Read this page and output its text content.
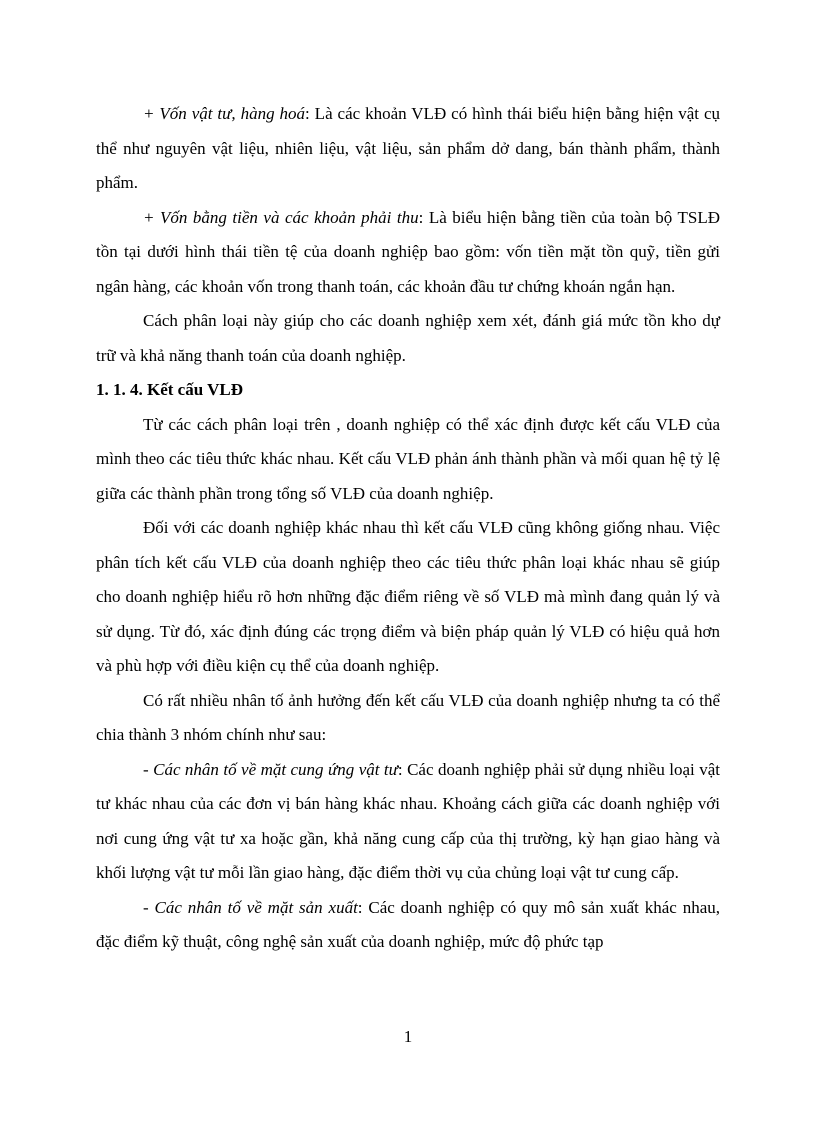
+ Vốn vật tư, hàng hoá: Là các khoản VLĐ có hình thái biểu hiện bằng hiện vật cụ thể như nguyên vật liệu, nhiên liệu, vật liệu, sản phẩm dở dang, bán thành phẩm, thành phẩm.

+ Vốn bằng tiền và các khoản phải thu: Là biểu hiện bằng tiền của toàn bộ TSLĐ tồn tại dưới hình thái tiền tệ của doanh nghiệp bao gồm: vốn tiền mặt tồn quỹ, tiền gửi ngân hàng, các khoản vốn trong thanh toán, các khoản đầu tư chứng khoán ngắn hạn.

Cách phân loại này giúp cho các doanh nghiệp xem xét, đánh giá mức tồn kho dự trữ và khả năng thanh toán của doanh nghiệp.

1. 1. 4. Kết cấu VLĐ

Từ các cách phân loại trên , doanh nghiệp có thể xác định được kết cấu VLĐ của mình theo các tiêu thức khác nhau. Kết cấu VLĐ phản ánh thành phần và mối quan hệ tỷ lệ giữa các thành phần trong tổng số VLĐ của doanh nghiệp.

Đối với các doanh nghiệp khác nhau thì kết cấu VLĐ cũng không giống nhau. Việc phân tích kết cấu VLĐ của doanh nghiệp theo các tiêu thức phân loại khác nhau sẽ giúp cho doanh nghiệp hiểu rõ hơn những đặc điểm riêng về số VLĐ mà mình đang quản lý và sử dụng. Từ đó, xác định đúng các trọng điểm và biện pháp quản lý VLĐ có hiệu quả hơn và phù hợp với điều kiện cụ thể của doanh nghiệp.

Có rất nhiều nhân tố ảnh hưởng đến kết cấu VLĐ của doanh nghiệp nhưng ta có thể chia thành 3 nhóm chính như sau:

- Các nhân tố về mặt cung ứng vật tư: Các doanh nghiệp phải sử dụng nhiều loại vật tư khác nhau của các đơn vị bán hàng khác nhau. Khoảng cách giữa các doanh nghiệp với nơi cung ứng vật tư xa hoặc gần, khả năng cung cấp của thị trường, kỳ hạn giao hàng và khối lượng vật tư mỗi lần giao hàng, đặc điểm thời vụ của chủng loại vật tư cung cấp.

- Các nhân tố về mặt sản xuất: Các doanh nghiệp có quy mô sản xuất khác nhau, đặc điểm kỹ thuật, công nghệ sản xuất của doanh nghiệp, mức độ phức tạp

1
